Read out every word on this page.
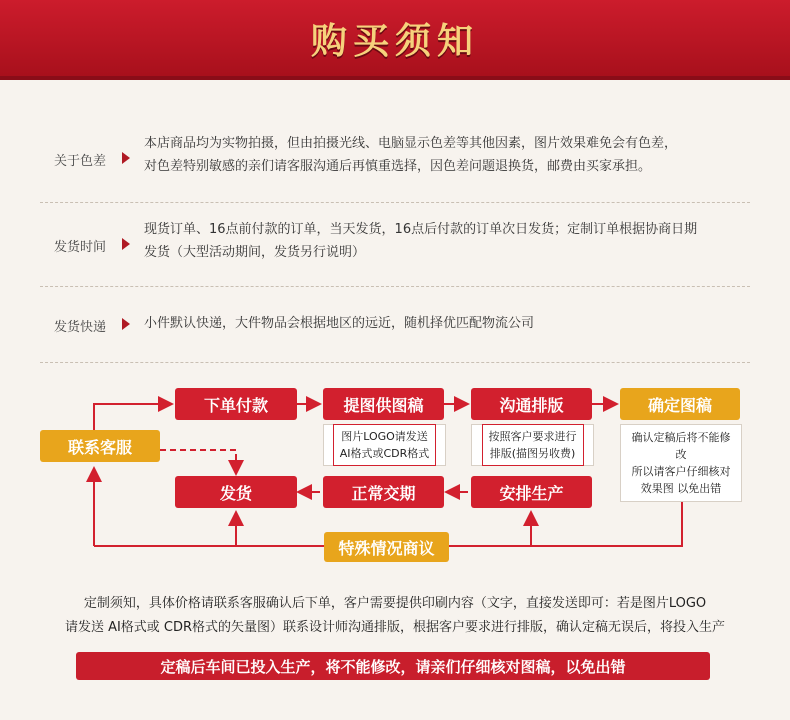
购买须知
关于色差
本店商品均为实物拍摄，但由拍摄光线、电脑显示色差等其他因素，图片效果难免会有色差，
对色差特别敏感的亲们请客服沟通后再慎重选择，因色差问题退换货，邮费由买家承担。
发货时间
现货订单、16点前付款的订单，当天发货，16点后付款的订单次日发货；定制订单根据协商日期
发货（大型活动期间，发货另行说明）
发货快递	小件默认快递，大件物品会根据地区的远近，随机择优匹配物流公司
联系客服
下单付款	提图供图稿	沟通排版	确定图稿
图片LOGO请发送
AI格式或CDR格式
按照客户要求进行
排版(描图另收费)
确认定稿后将不能修改
所以请客户仔细核对
效果图 以免出错
发货	正常交期	安排生产
特殊情况商议
定制须知，具体价格请联系客服确认后下单，客户需要提供印刷内容（文字，直接发送即可：若是图片LOGO
请发送 AI格式或 CDR格式的矢量图）联系设计师沟通排版，根据客户要求进行排版，确认定稿无误后，将投入生产
定稿后车间已投入生产，将不能修改，请亲们仔细核对图稿，以免出错
